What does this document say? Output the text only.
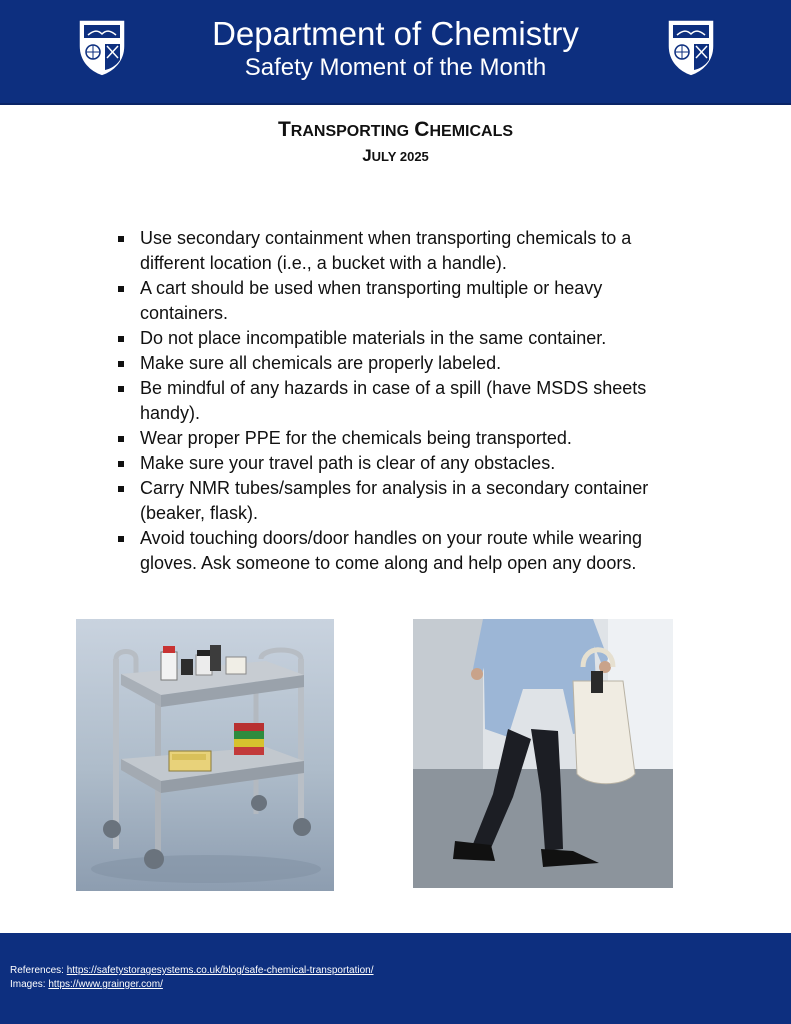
Department of Chemistry
Safety Moment of the Month
TRANSPORTING CHEMICALS
JULY 2025
Use secondary containment when transporting chemicals to a different location (i.e., a bucket with a handle).
A cart should be used when transporting multiple or heavy containers.
Do not place incompatible materials in the same container.
Make sure all chemicals are properly labeled.
Be mindful of any hazards in case of a spill (have MSDS sheets handy).
Wear proper PPE for the chemicals being transported.
Make sure your travel path is clear of any obstacles.
Carry NMR tubes/samples for analysis in a secondary container (beaker, flask).
Avoid touching doors/door handles on your route while wearing gloves. Ask someone to come along and help open any doors.
References: https://safetystoragesystems.co.uk/blog/safe-chemical-transportation/
Images: https://www.grainger.com/
